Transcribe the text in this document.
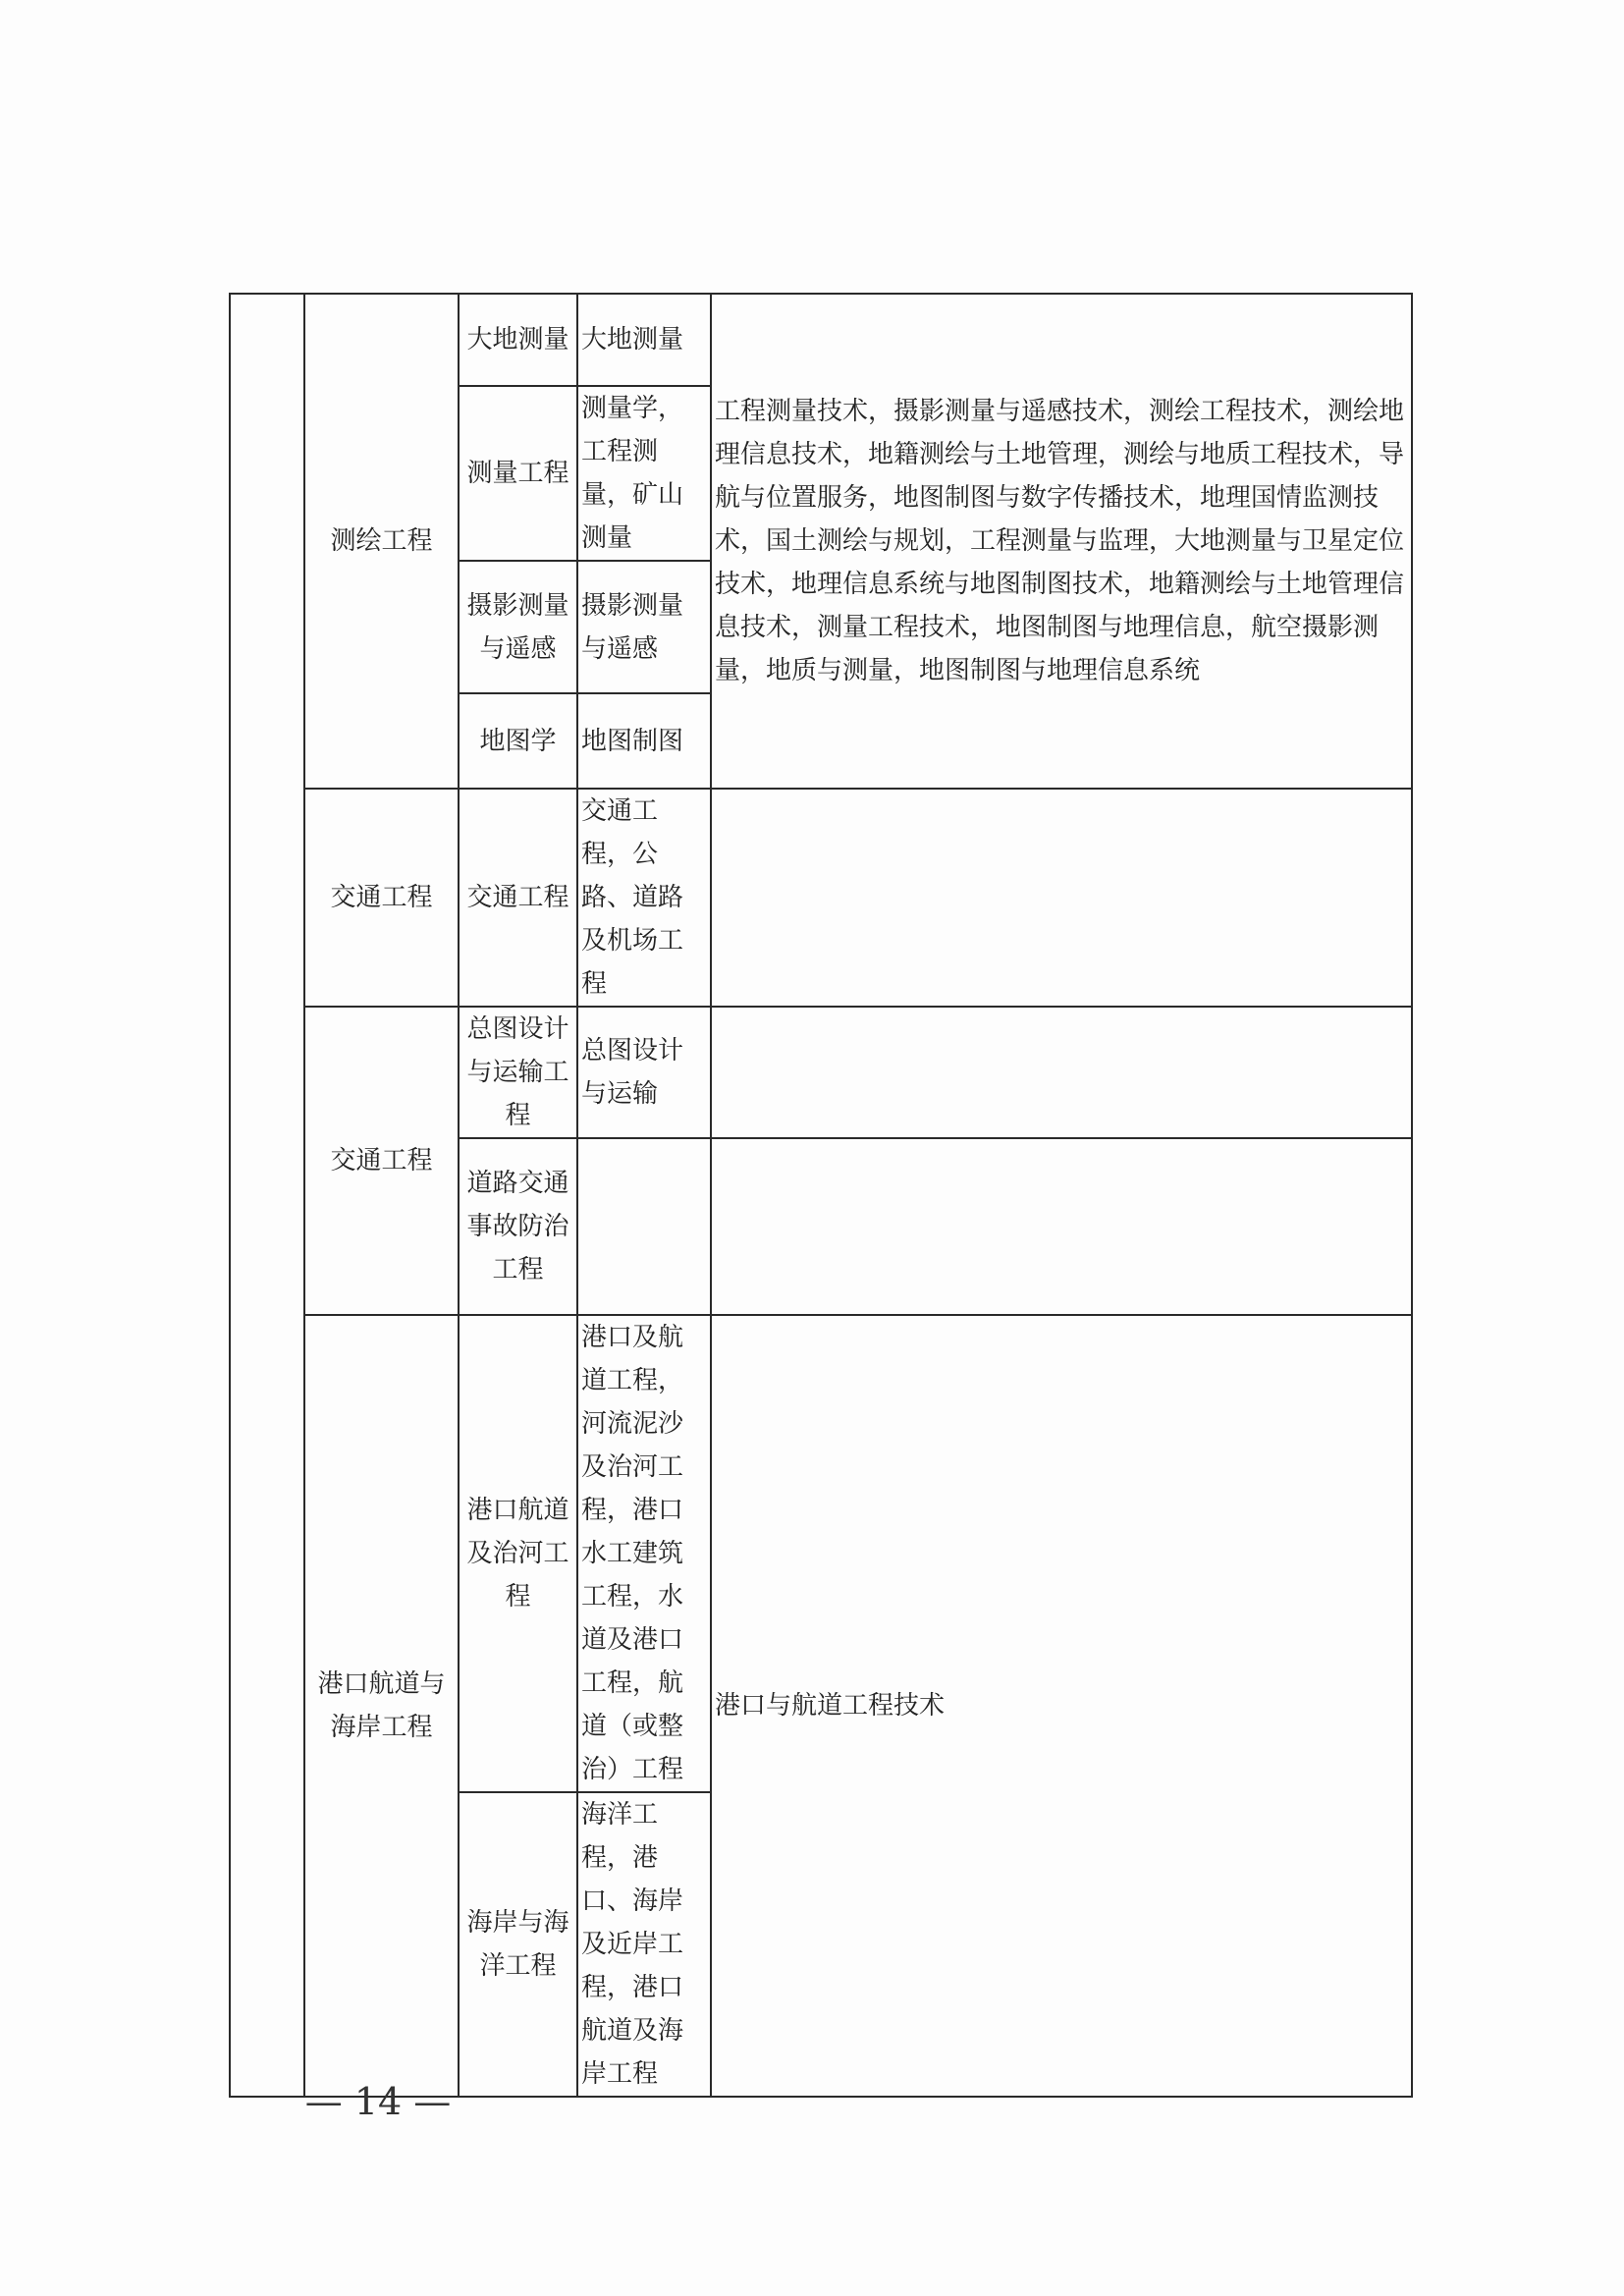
	测绘工程	大地测量	大地测量	工程测量技术，摄影测量与遥感技术，测绘工程技术，测绘地理信息技术，地籍测绘与土地管理，测绘与地质工程技术，导航与位置服务，地图制图与数字传播技术，地理国情监测技术，国土测绘与规划，工程测量与监理，大地测量与卫星定位技术，地理信息系统与地图制图技术，地籍测绘与土地管理信息技术，测量工程技术，地图制图与地理信息，航空摄影测量，地质与测量，地图制图与地理信息系统
		测量工程	测量学，工程测量，矿山测量	
		摄影测量与遥感	摄影测量与遥感	
		地图学	地图制图	
	交通工程	交通工程	交通工程，公路、道路及机场工程	
	交通工程	总图设计与运输工程	总图设计与运输	
		道路交通事故防治工程		
	港口航道与海岸工程	港口航道及治河工程	港口及航道工程，河流泥沙及治河工程，港口水工建筑工程，水道及港口工程，航道（或整治）工程	港口与航道工程技术
		海岸与海洋工程	海洋工程，港口、海岸及近岸工程，港口航道及海岸工程	
— 14 —
